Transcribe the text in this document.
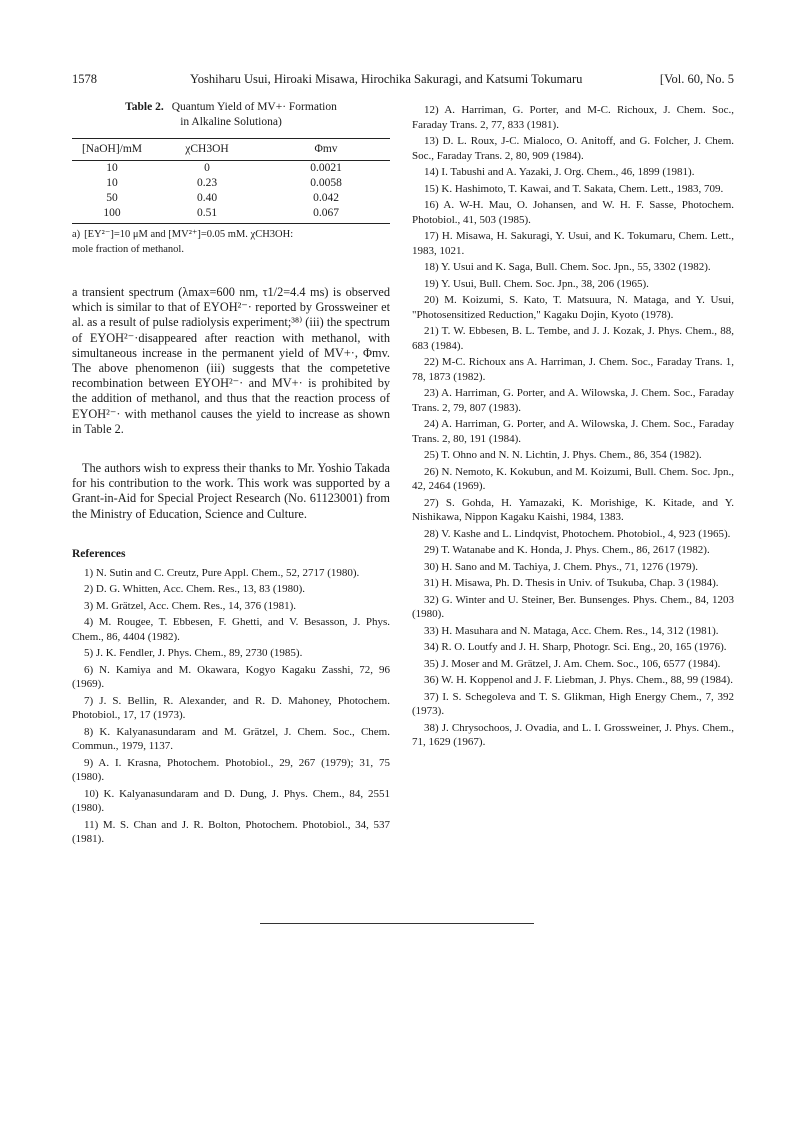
1578	Yoshiharu Usui, Hiroaki Misawa, Hirochika Sakuragi, and Katsumi Tokumaru	[Vol. 60, No. 5
Table 2. Quantum Yield of MV+· Formation
in Alkaline Solutiona)
[NaOH]/mM	χCH3OH	Φmv
10	0	0.0021
10	0.23	0.0058
50	0.40	0.042
100	0.51	0.067
a) [EY²⁻]=10 μM and [MV²⁺]=0.05 mM. χCH3OH:
mole fraction of methanol.

a transient spectrum (λmax=600 nm, τ1/2=4.4 ms) is observed which is similar to that of EYOH²⁻· reported by Grossweiner et al. as a result of pulse radiolysis experiment;³⁸⁾ (iii) the spectrum of EYOH²⁻·disappeared after reaction with methanol, with simultaneous increase in the permanent yield of MV+·, Φmv. The above phenomenon (iii) suggests that the competetive recombination between EYOH²⁻· and MV+· is prohibited by the addition of methanol, and thus that the reaction process of EYOH²⁻· with methanol causes the yield to increase as shown in Table 2.

The authors wish to express their thanks to Mr. Yoshio Takada for his contribution to the work. This work was supported by a Grant-in-Aid for Special Project Research (No. 61123001) from the Ministry of Education, Science and Culture.

References

1) N. Sutin and C. Creutz, Pure Appl. Chem., 52, 2717 (1980).

2) D. G. Whitten, Acc. Chem. Res., 13, 83 (1980).

3) M. Grätzel, Acc. Chem. Res., 14, 376 (1981).

4) M. Rougee, T. Ebbesen, F. Ghetti, and V. Besasson, J. Phys. Chem., 86, 4404 (1982).

5) J. K. Fendler, J. Phys. Chem., 89, 2730 (1985).

6) N. Kamiya and M. Okawara, Kogyo Kagaku Zasshi, 72, 96 (1969).

7) J. S. Bellin, R. Alexander, and R. D. Mahoney, Photochem. Photobiol., 17, 17 (1973).

8) K. Kalyanasundaram and M. Grätzel, J. Chem. Soc., Chem. Commun., 1979, 1137.

9) A. I. Krasna, Photochem. Photobiol., 29, 267 (1979); 31, 75 (1980).

10) K. Kalyanasundaram and D. Dung, J. Phys. Chem., 84, 2551 (1980).

11) M. S. Chan and J. R. Bolton, Photochem. Photobiol., 34, 537 (1981).

12) A. Harriman, G. Porter, and M-C. Richoux, J. Chem. Soc., Faraday Trans. 2, 77, 833 (1981).

13) D. L. Roux, J-C. Mialoco, O. Anitoff, and G. Folcher, J. Chem. Soc., Faraday Trans. 2, 80, 909 (1984).

14) I. Tabushi and A. Yazaki, J. Org. Chem., 46, 1899 (1981).

15) K. Hashimoto, T. Kawai, and T. Sakata, Chem. Lett., 1983, 709.

16) A. W-H. Mau, O. Johansen, and W. H. F. Sasse, Photochem. Photobiol., 41, 503 (1985).

17) H. Misawa, H. Sakuragi, Y. Usui, and K. Tokumaru, Chem. Lett., 1983, 1021.

18) Y. Usui and K. Saga, Bull. Chem. Soc. Jpn., 55, 3302 (1982).

19) Y. Usui, Bull. Chem. Soc. Jpn., 38, 206 (1965).

20) M. Koizumi, S. Kato, T. Matsuura, N. Mataga, and Y. Usui, "Photosensitized Reduction," Kagaku Dojin, Kyoto (1978).

21) T. W. Ebbesen, B. L. Tembe, and J. J. Kozak, J. Phys. Chem., 88, 683 (1984).

22) M-C. Richoux ans A. Harriman, J. Chem. Soc., Faraday Trans. 1, 78, 1873 (1982).

23) A. Harriman, G. Porter, and A. Wilowska, J. Chem. Soc., Faraday Trans. 2, 79, 807 (1983).

24) A. Harriman, G. Porter, and A. Wilowska, J. Chem. Soc., Faraday Trans. 2, 80, 191 (1984).

25) T. Ohno and N. N. Lichtin, J. Phys. Chem., 86, 354 (1982).

26) N. Nemoto, K. Kokubun, and M. Koizumi, Bull. Chem. Soc. Jpn., 42, 2464 (1969).

27) S. Gohda, H. Yamazaki, K. Morishige, K. Kitade, and Y. Nishikawa, Nippon Kagaku Kaishi, 1984, 1383.

28) V. Kashe and L. Lindqvist, Photochem. Photobiol., 4, 923 (1965).

29) T. Watanabe and K. Honda, J. Phys. Chem., 86, 2617 (1982).

30) H. Sano and M. Tachiya, J. Chem. Phys., 71, 1276 (1979).

31) H. Misawa, Ph. D. Thesis in Univ. of Tsukuba, Chap. 3 (1984).

32) G. Winter and U. Steiner, Ber. Bunsenges. Phys. Chem., 84, 1203 (1980).

33) H. Masuhara and N. Mataga, Acc. Chem. Res., 14, 312 (1981).

34) R. O. Loutfy and J. H. Sharp, Photogr. Sci. Eng., 20, 165 (1976).

35) J. Moser and M. Grätzel, J. Am. Chem. Soc., 106, 6577 (1984).

36) W. H. Koppenol and J. F. Liebman, J. Phys. Chem., 88, 99 (1984).

37) I. S. Schegoleva and T. S. Glikman, High Energy Chem., 7, 392 (1973).

38) J. Chrysochoos, J. Ovadia, and L. I. Grossweiner, J. Phys. Chem., 71, 1629 (1967).
